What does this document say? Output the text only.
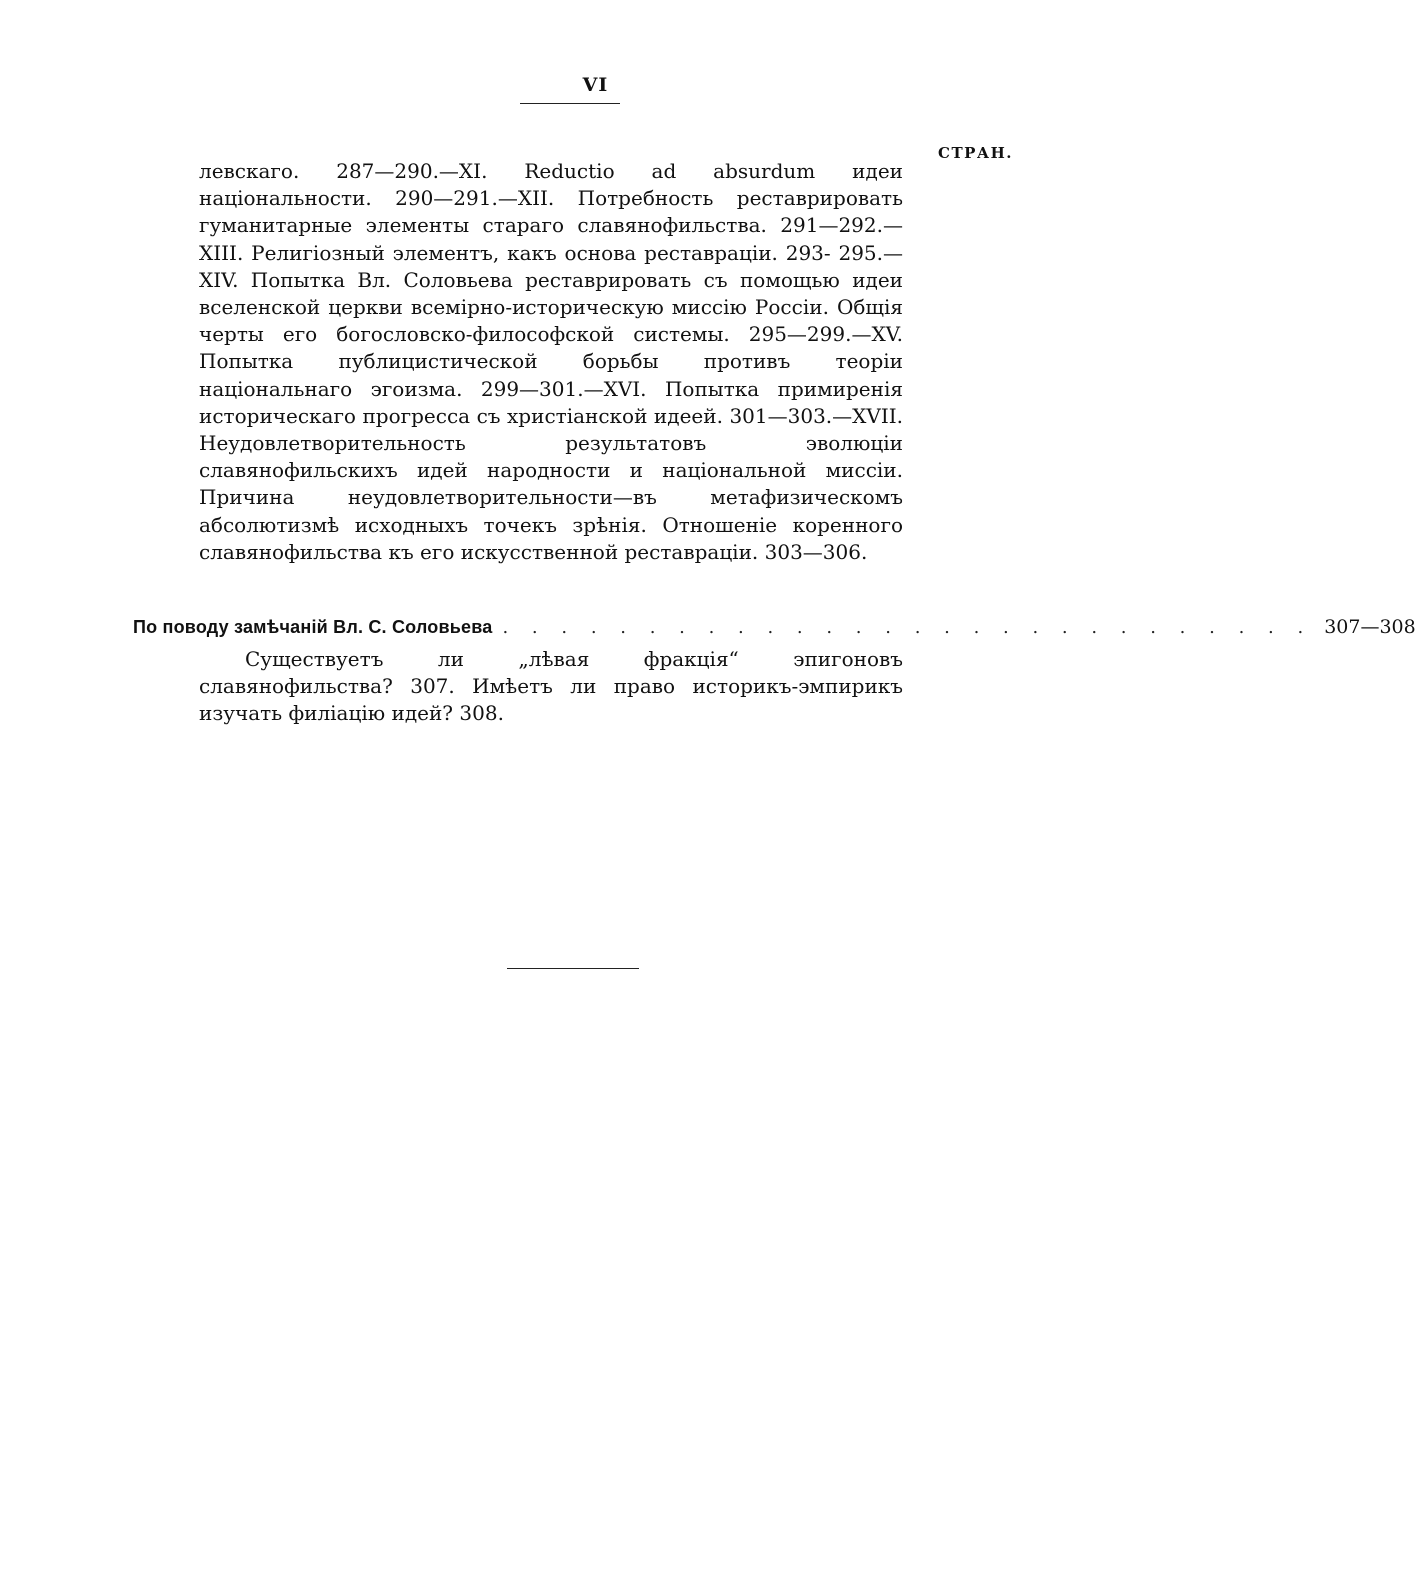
VI
СТРАН.

левскаго. 287—290.—XI. Reductio ad absurdum идеи національности. 290—291.—XII. Потребность реставрировать гуманитарные элементы стараго славянофильства. 291—292.—XIII. Религіозный элементъ, какъ основа реставраціи. 293- 295.—XIV. Попытка Вл. Соловьева реставрировать съ помощью идеи вселенской церкви всемірно-историческую миссію Россіи. Общія черты его богословско-философской системы. 295—299.—XV. Попытка публицистической борьбы противъ теоріи національнаго эгоизма. 299—301.—XVI. Попытка примиренія историческаго прогресса съ христіанской идеей. 301—303.—XVII. Неудовлетворительность результатовъ эволюціи славянофильскихъ идей народности и національной миссіи. Причина неудовлетворительности—въ метафизическомъ абсолютизмѣ исходныхъ точекъ зрѣнія. Отношеніе коренного славянофильства къ его искусственной реставраціи. 303—306.

По поводу замѣчаній Вл. С. Соловьева . . . . . . . . . . . . . . . . . . . . . . . . . . . . 307—308

Существуетъ ли „лѣвая фракція“ эпигоновъ славянофильства? 307. Имѣетъ ли право историкъ-эмпирикъ изучать филіацію идей? 308.
